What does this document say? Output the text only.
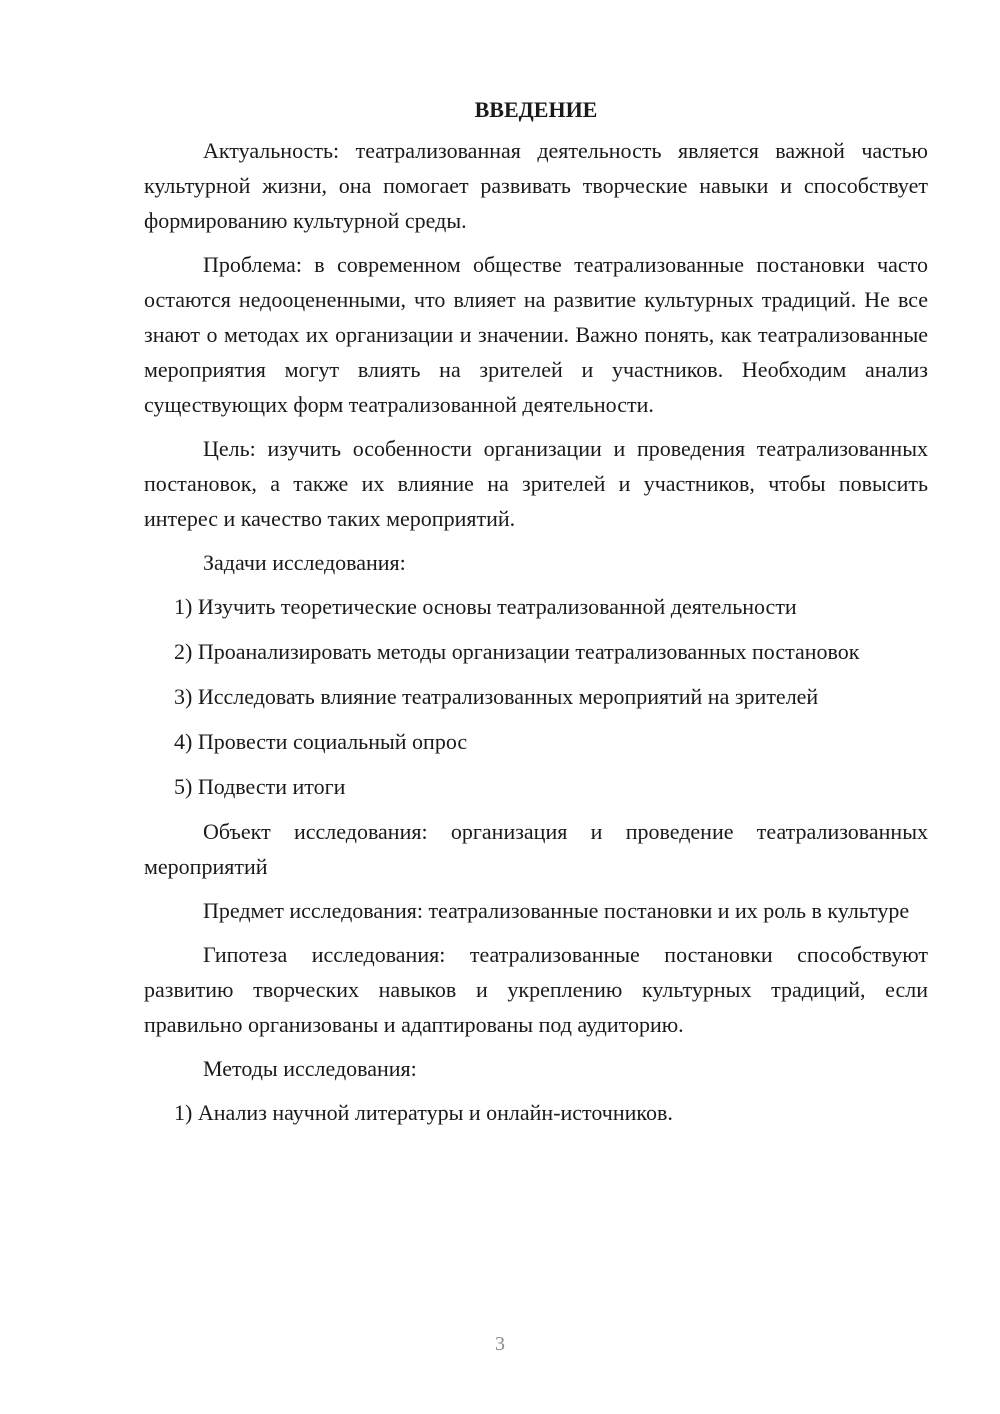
ВВЕДЕНИЕ

Актуальность: театрализованная деятельность является важной частью культурной жизни, она помогает развивать творческие навыки и способствует формированию культурной среды.

Проблема: в современном обществе театрализованные постановки часто остаются недооцененными, что влияет на развитие культурных традиций. Не все знают о методах их организации и значении. Важно понять, как театрализованные мероприятия могут влиять на зрителей и участников. Необходим анализ существующих форм театрализованной деятельности.

Цель: изучить особенности организации и проведения театрализованных постановок, а также их влияние на зрителей и участников, чтобы повысить интерес и качество таких мероприятий.

Задачи исследования:

1) Изучить теоретические основы театрализованной деятельности

2) Проанализировать методы организации театрализованных постановок

3) Исследовать влияние театрализованных мероприятий на зрителей

4) Провести социальный опрос

5) Подвести итоги

Объект исследования: организация и проведение театрализованных мероприятий

Предмет исследования: театрализованные постановки и их роль в культуре

Гипотеза исследования: театрализованные постановки способствуют развитию творческих навыков и укреплению культурных традиций, если правильно организованы и адаптированы под аудиторию.

Методы исследования:

1) Анализ научной литературы и онлайн-источников.

3
